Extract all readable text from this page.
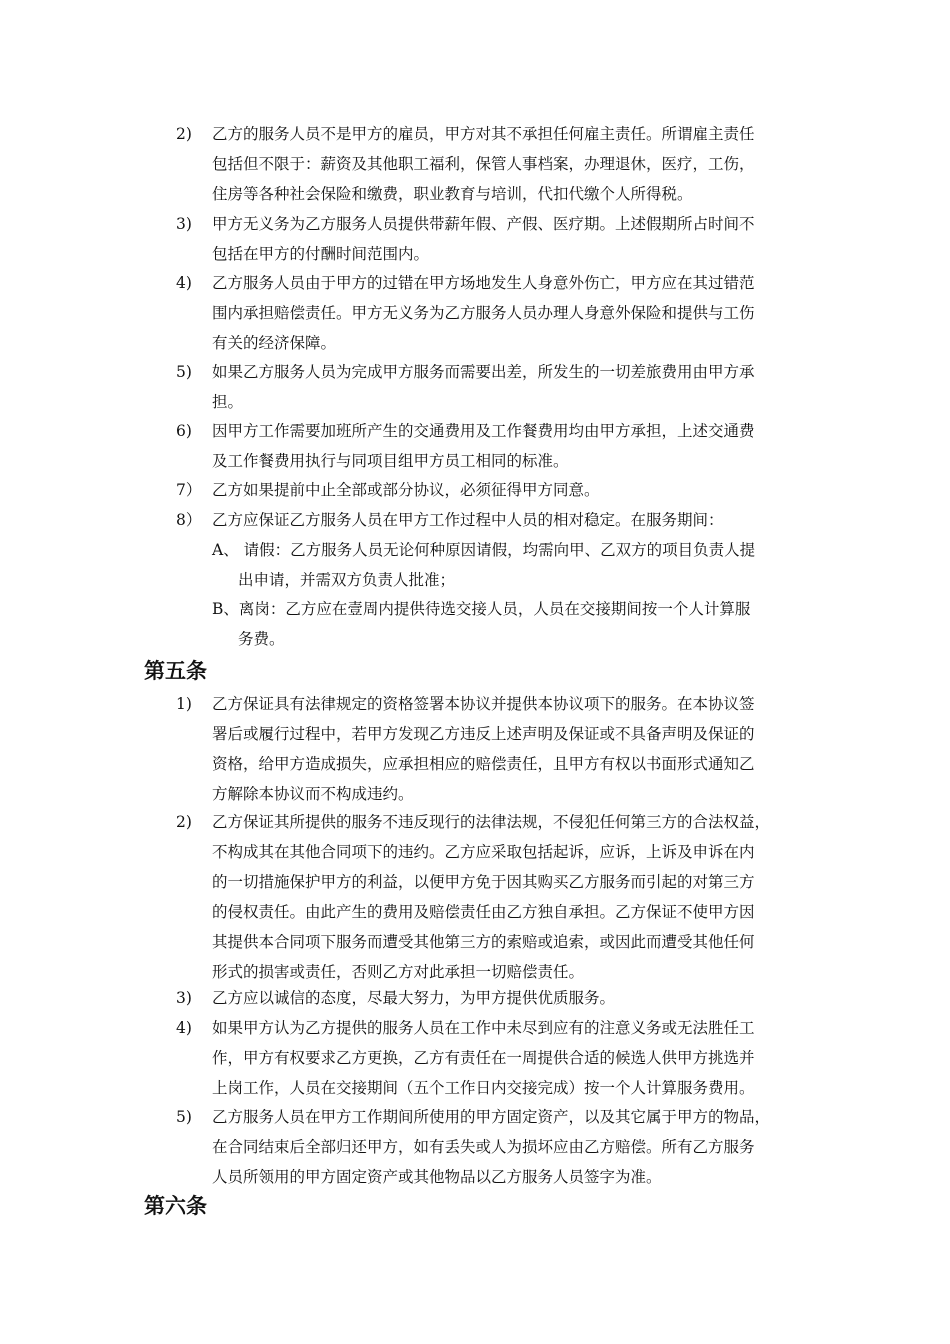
2)	乙方的服务人员不是甲方的雇员，甲方对其不承担任何雇主责任。所谓雇主责任
包括但不限于：薪资及其他职工福利，保管人事档案，办理退休，医疗，工伤，
住房等各种社会保险和缴费，职业教育与培训，代扣代缴个人所得税。
3)	甲方无义务为乙方服务人员提供带薪年假、产假、医疗期。上述假期所占时间不
包括在甲方的付酬时间范围内。
4)	乙方服务人员由于甲方的过错在甲方场地发生人身意外伤亡，甲方应在其过错范
围内承担赔偿责任。甲方无义务为乙方服务人员办理人身意外保险和提供与工伤
有关的经济保障。
5)	如果乙方服务人员为完成甲方服务而需要出差，所发生的一切差旅费用由甲方承
担。
6)	因甲方工作需要加班所产生的交通费用及工作餐费用均由甲方承担，上述交通费
及工作餐费用执行与同项目组甲方员工相同的标准。
7） 乙方如果提前中止全部或部分协议，必须征得甲方同意。
8） 乙方应保证乙方服务人员在甲方工作过程中人员的相对稳定。在服务期间：
A、 请假：乙方服务人员无论何种原因请假，均需向甲、乙双方的项目负责人提
出申请，并需双方负责人批准；
B、离岗：乙方应在壹周内提供待选交接人员，人员在交接期间按一个人计算服
务费。
第五条
1)	乙方保证具有法律规定的资格签署本协议并提供本协议项下的服务。在本协议签
署后或履行过程中，若甲方发现乙方违反上述声明及保证或不具备声明及保证的
资格，给甲方造成损失，应承担相应的赔偿责任，且甲方有权以书面形式通知乙
方解除本协议而不构成违约。
2)	乙方保证其所提供的服务不违反现行的法律法规，不侵犯任何第三方的合法权益，
不构成其在其他合同项下的违约。乙方应采取包括起诉，应诉，上诉及申诉在内
的一切措施保护甲方的利益，以便甲方免于因其购买乙方服务而引起的对第三方
的侵权责任。由此产生的费用及赔偿责任由乙方独自承担。乙方保证不使甲方因
其提供本合同项下服务而遭受其他第三方的索赔或追索，或因此而遭受其他任何
形式的损害或责任，否则乙方对此承担一切赔偿责任。
3)	乙方应以诚信的态度，尽最大努力，为甲方提供优质服务。
4)	如果甲方认为乙方提供的服务人员在工作中未尽到应有的注意义务或无法胜任工
作，甲方有权要求乙方更换，乙方有责任在一周提供合适的候选人供甲方挑选并
上岗工作，人员在交接期间（五个工作日内交接完成）按一个人计算服务费用。
5)	乙方服务人员在甲方工作期间所使用的甲方固定资产，以及其它属于甲方的物品，
在合同结束后全部归还甲方，如有丢失或人为损坏应由乙方赔偿。所有乙方服务
人员所领用的甲方固定资产或其他物品以乙方服务人员签字为准。
第六条
